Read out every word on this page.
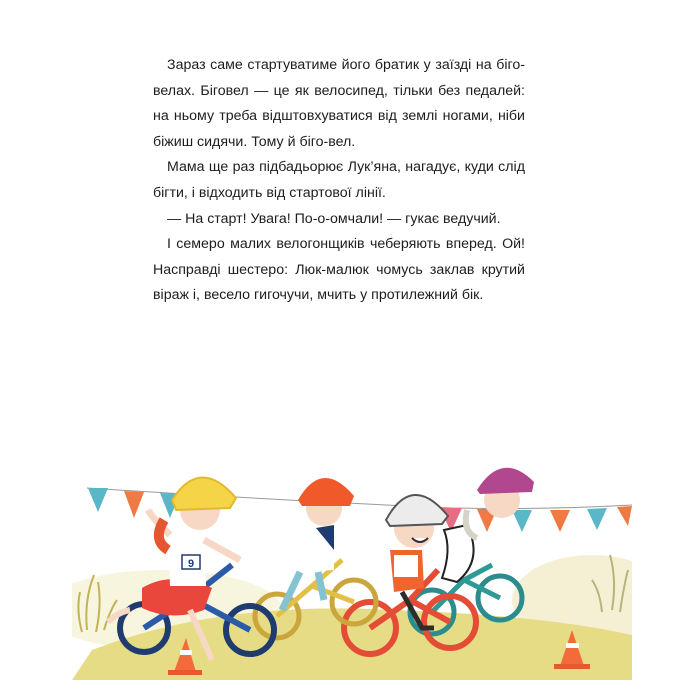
Зараз саме стартуватиме його братик у заїзді на біго-

велах. Біговел — це як велосипед, тільки без педалей:

на ньому треба відштовхуватися від землі ногами, ніби

біжиш сидячи. Тому й біго-вел.

Мама ще раз підбадьорює Лук’яна, нагадує, куди слід

бігти, і відходить від стартової лінії.

— На старт! Увага! По-о-омчали! — гукає ведучий.

І семеро малих велогонщиків чеберяють вперед. Ой!

Насправді шестеро: Люк-малюк чомусь заклав крутий

віраж і, весело гигочучи, мчить у протилежний бік.

9
